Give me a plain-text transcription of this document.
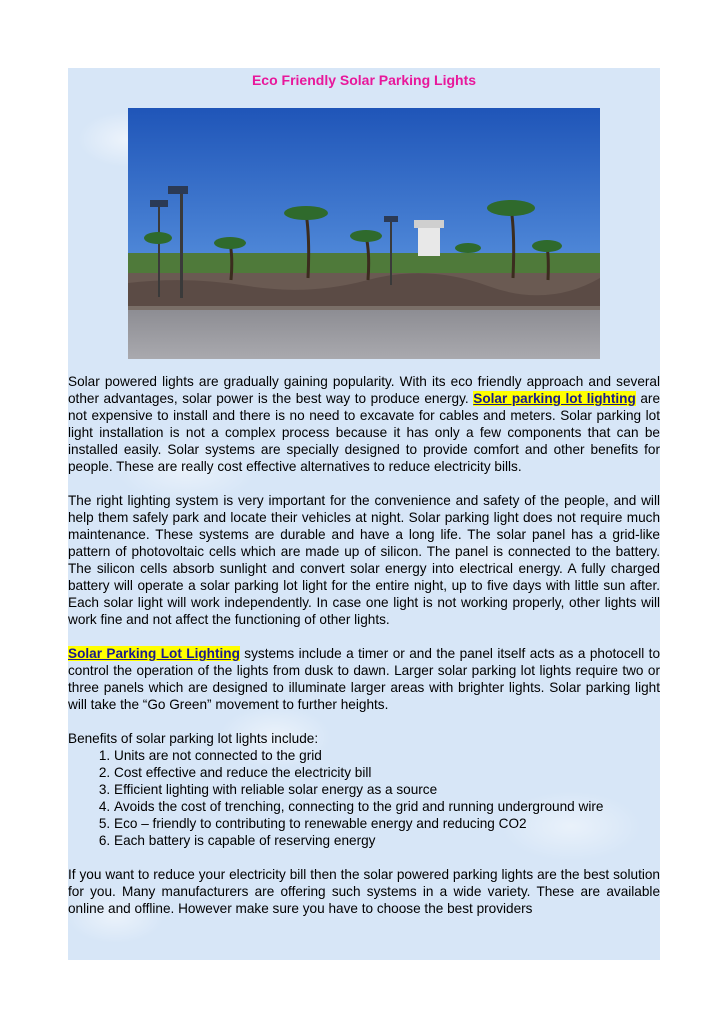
Eco Friendly Solar Parking Lights

Solar powered lights are gradually gaining popularity. With its eco friendly approach and several other advantages, solar power is the best way to produce energy. Solar parking lot lighting are not expensive to install and there is no need to excavate for cables and meters. Solar parking lot light installation is not a complex process because it has only a few components that can be installed easily. Solar systems are specially designed to provide comfort and other benefits for people. These are really cost effective alternatives to reduce electricity bills.

The right lighting system is very important for the convenience and safety of the people, and will help them safely park and locate their vehicles at night. Solar parking light does not require much maintenance. These systems are durable and have a long life. The solar panel has a grid-like pattern of photovoltaic cells which are made up of silicon. The panel is connected to the battery. The silicon cells absorb sunlight and convert solar energy into electrical energy. A fully charged battery will operate a solar parking lot light for the entire night, up to five days with little sun after. Each solar light will work independently. In case one light is not working properly, other lights will work fine and not affect the functioning of other lights.

Solar Parking Lot Lighting systems include a timer or and the panel itself acts as a photocell to control the operation of the lights from dusk to dawn. Larger solar parking lot lights require two or three panels which are designed to illuminate larger areas with brighter lights. Solar parking light will take the “Go Green” movement to further heights.

Benefits of solar parking lot lights include:
1. Units are not connected to the grid
2. Cost effective and reduce the electricity bill
3. Efficient lighting with reliable solar energy as a source
4. Avoids the cost of trenching, connecting to the grid and running underground wire
5. Eco – friendly to contributing to renewable energy and reducing CO2
6. Each battery is capable of reserving energy

If you want to reduce your electricity bill then the solar powered parking lights are the best solution for you. Many manufacturers are offering such systems in a wide variety. These are available online and offline. However make sure you have to choose the best providers
